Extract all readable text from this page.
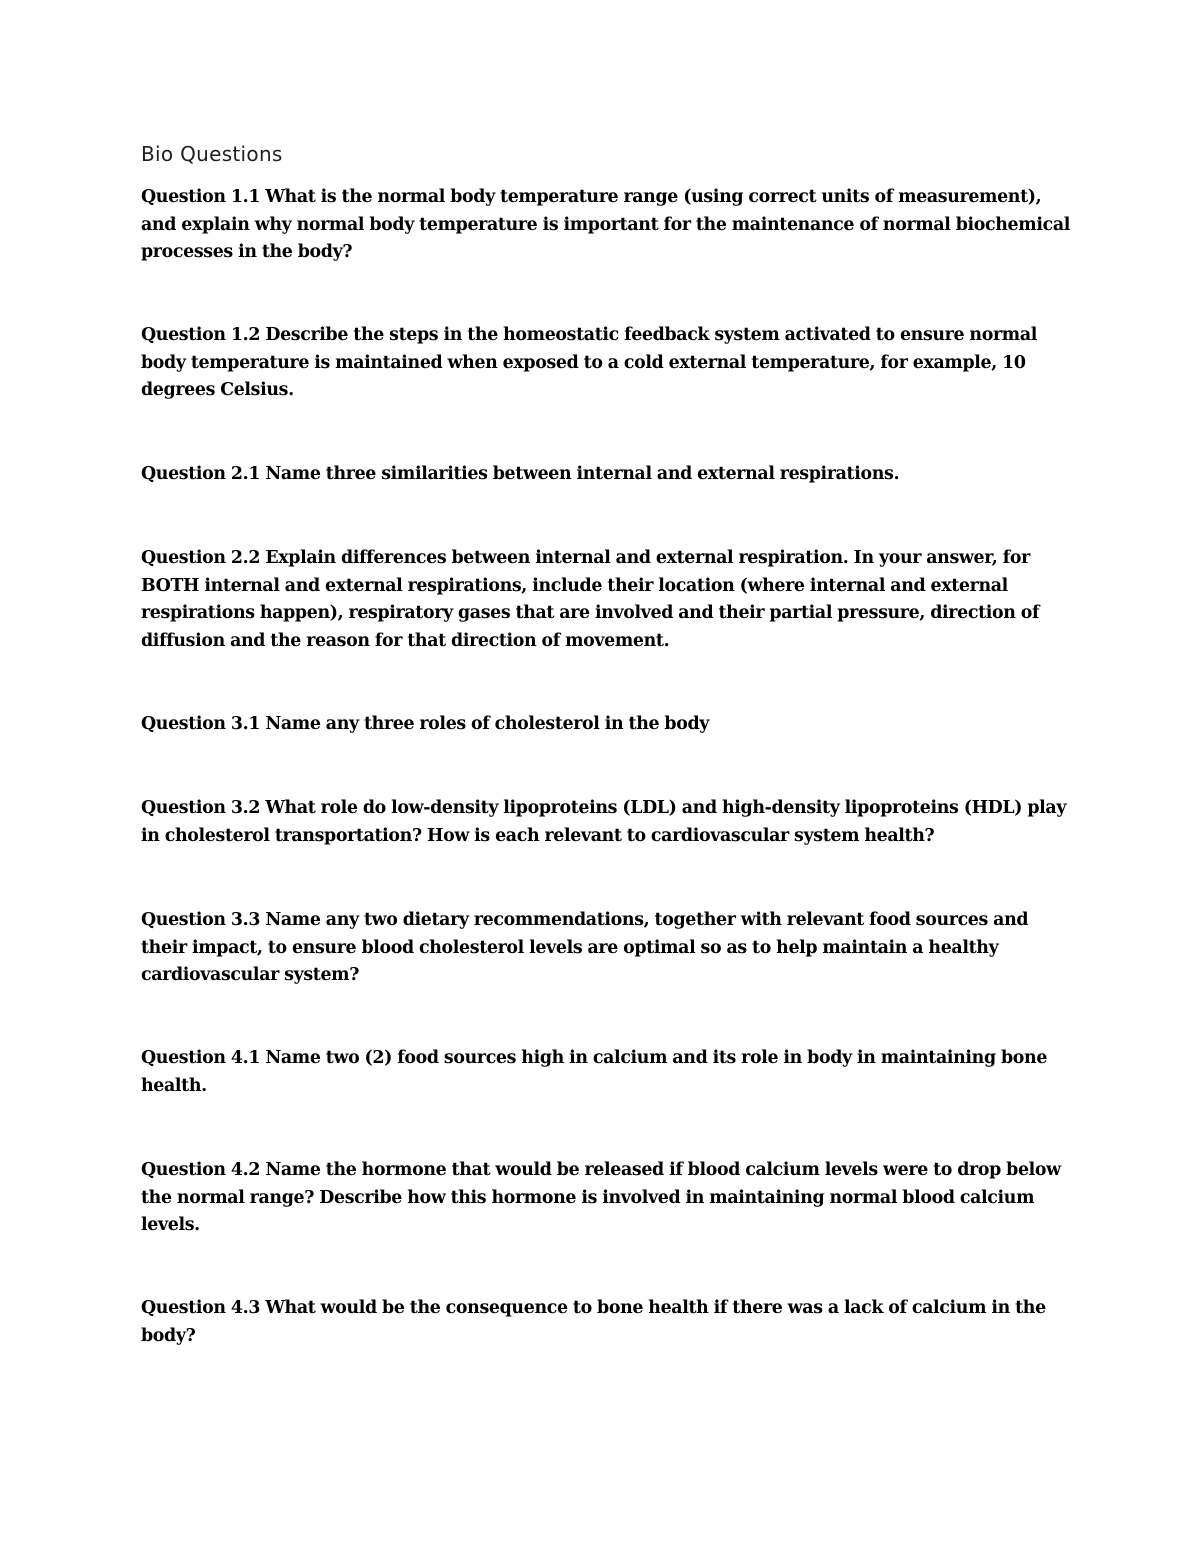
Bio Questions
Question 1.1 What is the normal body temperature range (using correct units of measurement), and explain why normal body temperature is important for the maintenance of normal biochemical processes in the body?
Question 1.2 Describe the steps in the homeostatic feedback system activated to ensure normal body temperature is maintained when exposed to a cold external temperature, for example, 10 degrees Celsius.
Question 2.1 Name three similarities between internal and external respirations.
Question 2.2 Explain differences between internal and external respiration. In your answer, for BOTH internal and external respirations, include their location (where internal and external respirations happen), respiratory gases that are involved and their partial pressure, direction of diffusion and the reason for that direction of movement.
Question 3.1 Name any three roles of cholesterol in the body
Question 3.2 What role do low-density lipoproteins (LDL) and high-density lipoproteins (HDL) play in cholesterol transportation? How is each relevant to cardiovascular system health?
Question 3.3 Name any two dietary recommendations, together with relevant food sources and their impact, to ensure blood cholesterol levels are optimal so as to help maintain a healthy cardiovascular system?
Question 4.1 Name two (2) food sources high in calcium and its role in body in maintaining bone health.
Question 4.2 Name the hormone that would be released if blood calcium levels were to drop below the normal range? Describe how this hormone is involved in maintaining normal blood calcium levels.
Question 4.3 What would be the consequence to bone health if there was a lack of calcium in the body?
